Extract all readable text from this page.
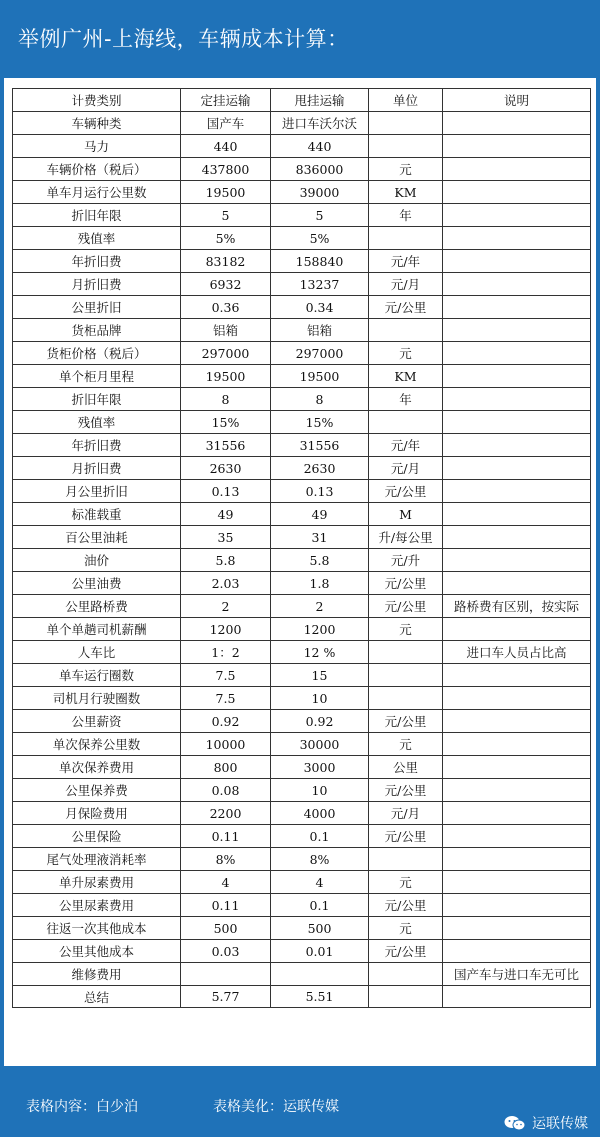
举例广州-上海线，车辆成本计算：
计费类别	定挂运输	甩挂运输	单位	说明
车辆种类	国产车	进口车沃尔沃		
马力	440	440		
车辆价格（税后）	437800	836000	元	
单车月运行公里数	19500	39000	KM	
折旧年限	5	5	年	
残值率	5%	5%		
年折旧费	83182	158840	元/年	
月折旧费	6932	13237	元/月	
公里折旧	0.36	0.34	元/公里	
货柜品牌	铝箱	铝箱		
货柜价格（税后）	297000	297000	元	
单个柜月里程	19500	19500	KM	
折旧年限	8	8	年	
残值率	15%	15%		
年折旧费	31556	31556	元/年	
月折旧费	2630	2630	元/月	
月公里折旧	0.13	0.13	元/公里	
标准载重	49	49	M	
百公里油耗	35	31	升/每公里	
油价	5.8	5.8	元/升	
公里油费	2.03	1.8	元/公里	
公里路桥费	2	2	元/公里	路桥费有区别，按实际
单个单趟司机薪酬	1200	1200	元	
人车比	1：2	12 %		进口车人员占比高
单车运行圈数	7.5	15		
司机月行驶圈数	7.5	10		
公里薪资	0.92	0.92	元/公里	
单次保养公里数	10000	30000	元	
单次保养费用	800	3000	公里	
公里保养费	0.08	10	元/公里	
月保险费用	2200	4000	元/月	
公里保险	0.11	0.1	元/公里	
尾气处理液消耗率	8%	8%		
单升尿素费用	4	4	元	
公里尿素费用	0.11	0.1	元/公里	
往返一次其他成本	500	500	元	
公里其他成本	0.03	0.01	元/公里	
维修费用				国产车与进口车无可比
总结	5.77	5.51		
表格内容：白少泊	表格美化：运联传媒
运联传媒
